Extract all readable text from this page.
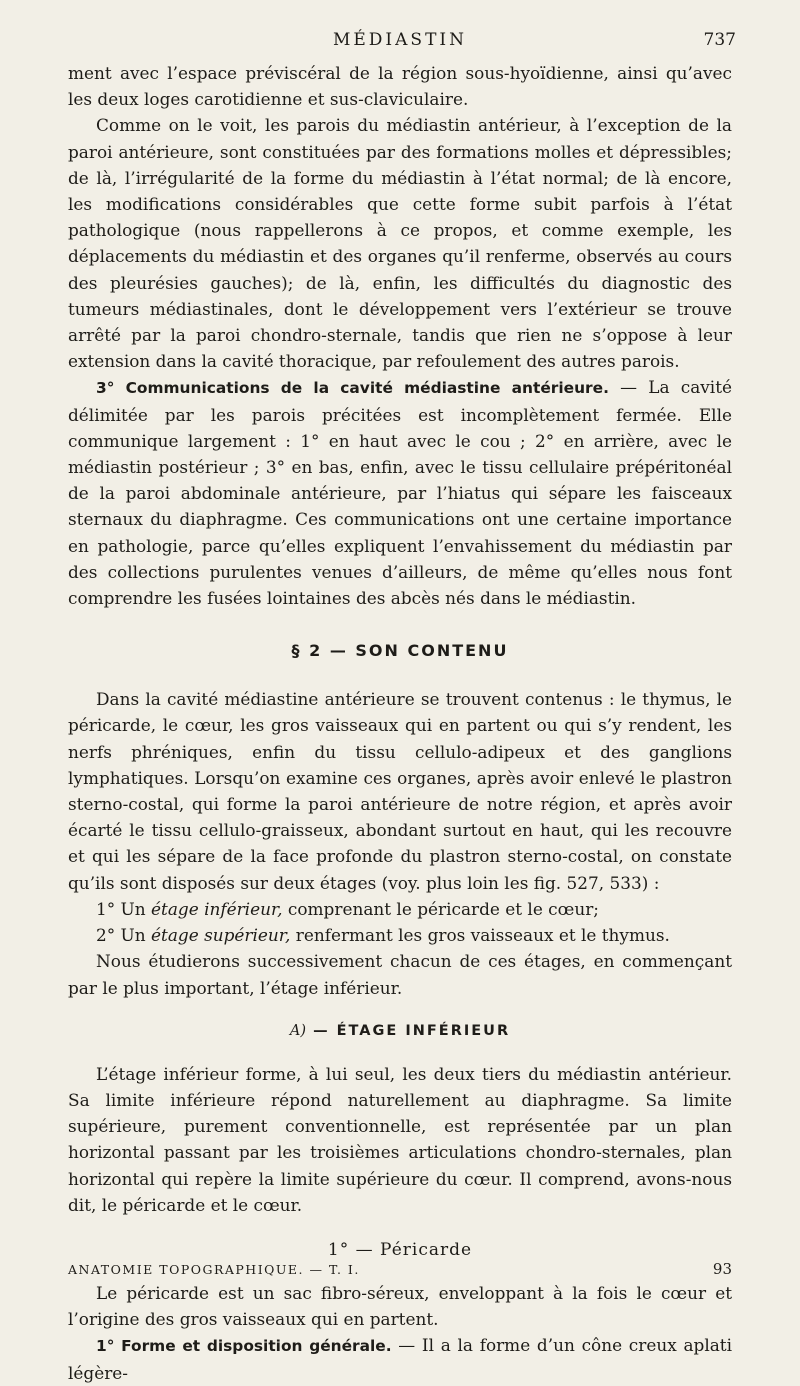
MÉDIASTIN	737

ment avec l’espace préviscéral de la région sous-hyoïdienne, ainsi qu’avec les deux loges carotidienne et sus-claviculaire.

Comme on le voit, les parois du médiastin antérieur, à l’exception de la paroi antérieure, sont constituées par des formations molles et dépressibles; de là, l’irrégularité de la forme du médiastin à l’état normal; de là encore, les modifications considérables que cette forme subit parfois à l’état pathologique (nous rappellerons à ce propos, et comme exemple, les déplacements du médiastin et des organes qu’il renferme, observés au cours des pleurésies gauches); de là, enfin, les difficultés du diagnostic des tumeurs médiastinales, dont le développement vers l’extérieur se trouve arrêté par la paroi chondro-sternale, tandis que rien ne s’oppose à leur extension dans la cavité thoracique, par refoulement des autres parois.

3° Communications de la cavité médiastine antérieure. — La cavité délimitée par les parois précitées est incomplètement fermée. Elle communique largement : 1° en haut avec le cou ; 2° en arrière, avec le médiastin postérieur ; 3° en bas, enfin, avec le tissu cellulaire prépéritonéal de la paroi abdominale antérieure, par l’hiatus qui sépare les faisceaux sternaux du diaphragme. Ces communications ont une certaine importance en pathologie, parce qu’elles expliquent l’envahissement du médiastin par des collections purulentes venues d’ailleurs, de même qu’elles nous font comprendre les fusées lointaines des abcès nés dans le médiastin.

§ 2 — SON CONTENU

Dans la cavité médiastine antérieure se trouvent contenus : le thymus, le péricarde, le cœur, les gros vaisseaux qui en partent ou qui s’y rendent, les nerfs phréniques, enfin du tissu cellulo-adipeux et des ganglions lymphatiques. Lorsqu’on examine ces organes, après avoir enlevé le plastron sterno-costal, qui forme la paroi antérieure de notre région, et après avoir écarté le tissu cellulo-graisseux, abondant surtout en haut, qui les recouvre et qui les sépare de la face profonde du plastron sterno-costal, on constate qu’ils sont disposés sur deux étages (voy. plus loin les fig. 527, 533) :

1° Un étage inférieur, comprenant le péricarde et le cœur;

2° Un étage supérieur, renfermant les gros vaisseaux et le thymus.

Nous étudierons successivement chacun de ces étages, en commençant par le plus important, l’étage inférieur.

A) — ÉTAGE INFÉRIEUR

L’étage inférieur forme, à lui seul, les deux tiers du médiastin antérieur. Sa limite inférieure répond naturellement au diaphragme. Sa limite supérieure, purement conventionnelle, est représentée par un plan horizontal passant par les troisièmes articulations chondro-sternales, plan horizontal qui repère la limite supérieure du cœur. Il comprend, avons-nous dit, le péricarde et le cœur.

1° — Péricarde

Le péricarde est un sac fibro-séreux, enveloppant à la fois le cœur et l’origine des gros vaisseaux qui en partent.

1° Forme et disposition générale. — Il a la forme d’un cône creux aplati légère-

ANATOMIE TOPOGRAPHIQUE. — T. I.	93
